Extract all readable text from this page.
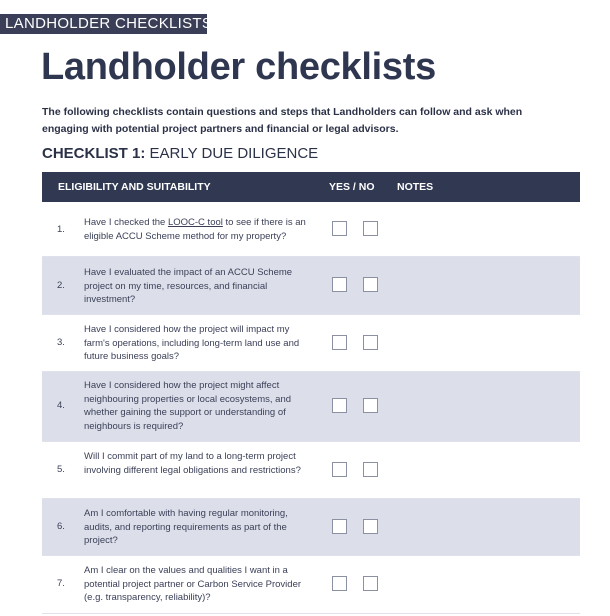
LANDHOLDER CHECKLISTS
Landholder checklists
The following checklists contain questions and steps that Landholders can follow and ask when engaging with potential project partners and financial or legal advisors.
CHECKLIST 1: EARLY DUE DILIGENCE
ELIGIBILITY AND SUITABILITY	YES / NO NOTES
1.
Have I checked the LOOC-C tool to see if there is an eligible ACCU Scheme method for my property?
2.
Have I evaluated the impact of an ACCU Scheme project on my time, resources, and financial investment?
3.
Have I considered how the project will impact my farm's operations, including long-term land use and future business goals?
4.
Have I considered how the project might affect neighbouring properties or local ecosystems, and whether gaining the support or understanding of neighbours is required?
5.
Will I commit part of my land to a long-term project involving different legal obligations and restrictions?
6.
Am I comfortable with having regular monitoring, audits, and reporting requirements as part of the project?
7.
Am I clear on the values and qualities I want in a potential project partner or Carbon Service Provider (e.g. transparency, reliability)?
